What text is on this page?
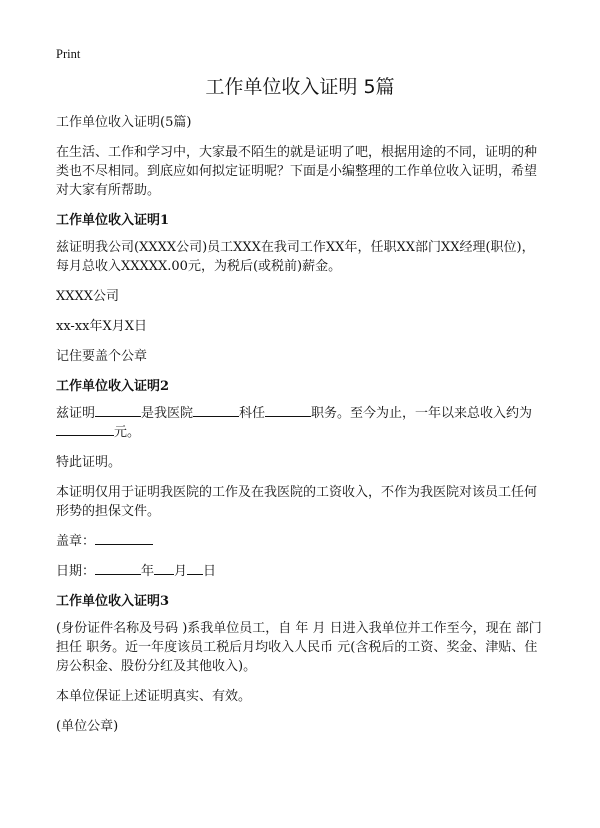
Print
工作单位收入证明 5篇

工作单位收入证明(5篇)

在生活、工作和学习中，大家最不陌生的就是证明了吧，根据用途的不同，证明的种类也不尽相同。到底应如何拟定证明呢？下面是小编整理的工作单位收入证明，希望对大家有所帮助。

工作单位收入证明1

兹证明我公司(XXXX公司)员工XXX在我司工作XX年，任职XX部门XX经理(职位)，每月总收入XXXXX.00元，为税后(或税前)薪金。

XXXX公司

xx-xx年X月X日

记住要盖个公章

工作单位收入证明2

兹证明	是我医院	科任	职务。至今为止，一年以来总收入约为元。

特此证明。

本证明仅用于证明我医院的工作及在我医院的工资收入，不作为我医院对该员工任何形势的担保文件。

盖章：

日期：	年 月 日

工作单位收入证明3

(身份证件名称及号码 )系我单位员工，自 年 月 日进入我单位并工作至今，现在 部门担任 职务。近一年度该员工税后月均收入人民币 元(含税后的工资、奖金、津贴、住房公积金、股份分红及其他收入)。

本单位保证上述证明真实、有效。

(单位公章)
